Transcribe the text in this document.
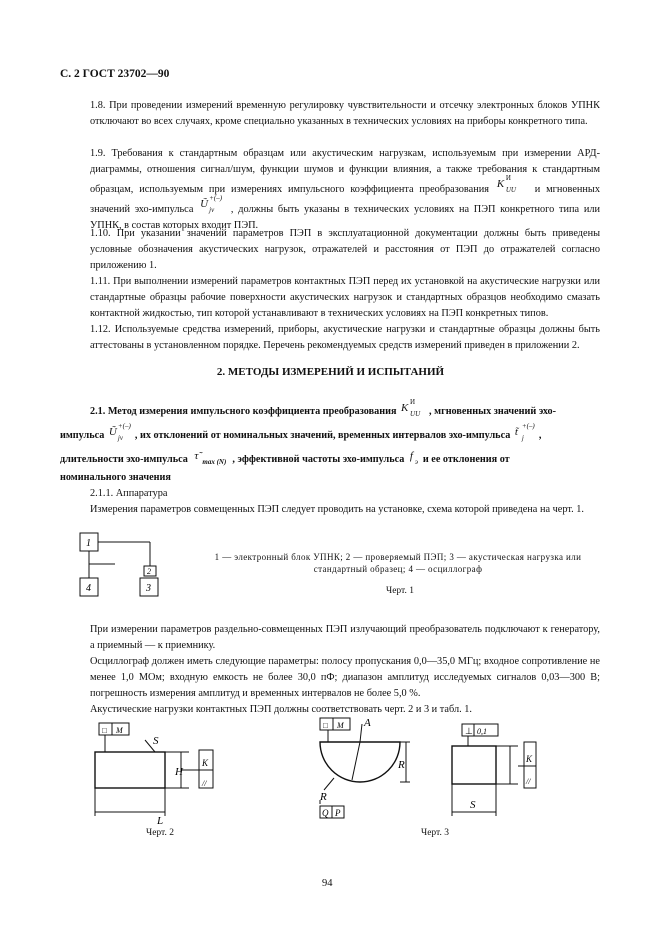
С. 2 ГОСТ 23702—90

1.8. При проведении измерений временную регулировку чувствительности и отсечку электронных блоков УПНК отключают во всех случаях, кроме специально указанных в технических условиях на приборы конкретного типа.

1.9. Требования к стандартным образцам или акустическим нагрузкам, используемым при измерении АРД-диаграммы, отношения сигнал/шум, функции шумов и функции влияния, а также требования к стандартным образцам, используемым при измерениях импульсного коэффициента преобразования K И
UU и мгновенных значений эхо-импульса Ũ +(–)
jv , должны быть указаны в технических условиях на ПЭП конкретного типа или УПНК, в состав которых входит ПЭП.

1.10. При указании значений параметров ПЭП в эксплуатационной документации должны быть приведены условные обозначения акустических нагрузок, отражателей и расстояния от ПЭП до отражателей согласно приложению 1.

1.11. При выполнении измерений параметров контактных ПЭП перед их установкой на акустические нагрузки или стандартные образцы рабочие поверхности акустических нагрузок и стандартных образцов необходимо смазать контактной жидкостью, тип которой устанавливают в технических условиях на ПЭП конкретных типов.

1.12. Используемые средства измерений, приборы, акустические нагрузки и стандартные образцы должны быть аттестованы в установленном порядке. Перечень рекомендуемых средств измерений приведен в приложении 2.

2. МЕТОДЫ ИЗМЕРЕНИЙ И ИСПЫТАНИЙ
2.1. Метод измерения импульсного коэффициента преобразования K И
UU , мгновенных значений эхо-
импульса Ũ +(–)
jv , их отклонений от номинальных значений, временных интервалов эхо-импульса t̃ +(–)
j ,
длительности эхо-импульса τ̃ max (N) , эффективной частоты эхо-импульса f э и ее отклонения от
номинального значения
2.1.1. Аппаратура
Измерения параметров совмещенных ПЭП следует проводить на установке, схема которой приведена на черт. 1.
1
4
2
3
1 — электронный блок УПНК; 2 — проверяемый ПЭП; 3 — акустическая нагрузка или стандартный образец; 4 — осциллограф
Черт. 1

При измерении параметров раздельно-совмещенных ПЭП излучающий преобразователь подключают к генератору, а приемный — к приемнику.

Осциллограф должен иметь следующие параметры: полосу пропускания 0,0—35,0 МГц; входное сопротивление не менее 1,0 МОм; входную емкость не более 30,0 пФ; диапазон амплитуд исследуемых сигналов 0,03—300 В; погрешность измерения амплитуд и временных интервалов не более 5,0 %.

Акустические нагрузки контактных ПЭП должны соответствовать черт. 2 и 3 и табл. 1.

□ M
S
H
L
//
K
Черт. 2
□ M A
R
R
Q P
⊥ 0,1
S
//
K
Черт. 3
94
